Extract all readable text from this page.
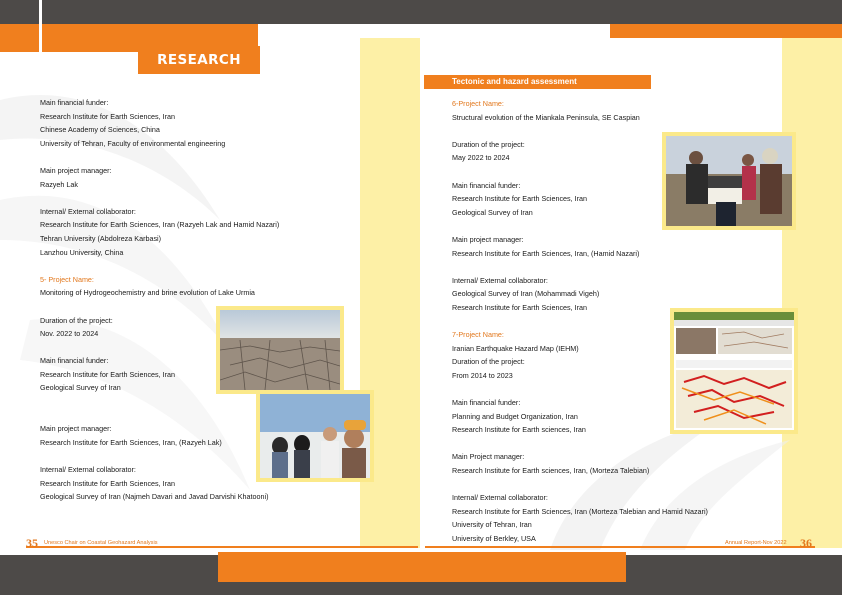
RESEARCH PROJECT
Main financial funder:
Research Institute for Earth Sciences, Iran
Chinese Academy of Sciences, China
University of Tehran, Faculty of environmental engineering
Main project manager:
Razyeh Lak
Internal/ External collaborator:
Research Institute for Earth Sciences, Iran (Razyeh Lak and Hamid Nazari)
Tehran University (Abdolreza Karbasi)
Lanzhou University, China
5- Project Name:
Monitoring of Hydrogeochemistry and brine evolution of Lake Urmia
Duration of the project:
Nov. 2022 to 2024
Main financial funder:
Research Institute for Earth Sciences, Iran
Geological Survey of Iran
Main project manager:
Research Institute for Earth Sciences, Iran, (Razyeh Lak)
Internal/ External collaborator:
Research Institute for Earth Sciences, Iran
Geological Survey of Iran (Najmeh Davari and Javad Darvishi Khatooni)
Tectonic and hazard assessment
6-Project Name:
Structural evolution of the Miankala Peninsula, SE Caspian
Duration of the project:
May 2022 to 2024
Main financial funder:
Research Institute for Earth Sciences, Iran
Geological Survey of Iran
Main project manager:
Research Institute for Earth Sciences, Iran, (Hamid Nazari)
Internal/ External collaborator:
Geological Survey of Iran (Mohammadi Vigeh)
Research Institute for Earth Sciences, Iran
7-Project Name:
Iranian Earthquake Hazard Map (IEHM)
Duration of the project:
From 2014 to 2023
Main financial funder:
Planning and Budget Organization, Iran
Research Institute for Earth sciences, Iran
Main Project manager:
Research Institute for Earth sciences, Iran, (Morteza Talebian)
Internal/ External collaborator:
Research Institute for Earth Sciences, Iran (Morteza Talebian and Hamid Nazari)
University of Tehran, Iran
University of Berkley, USA
35 Unesco Chair on Coastal Geohazard Analysis	Annual Report-Nov 2022 36
